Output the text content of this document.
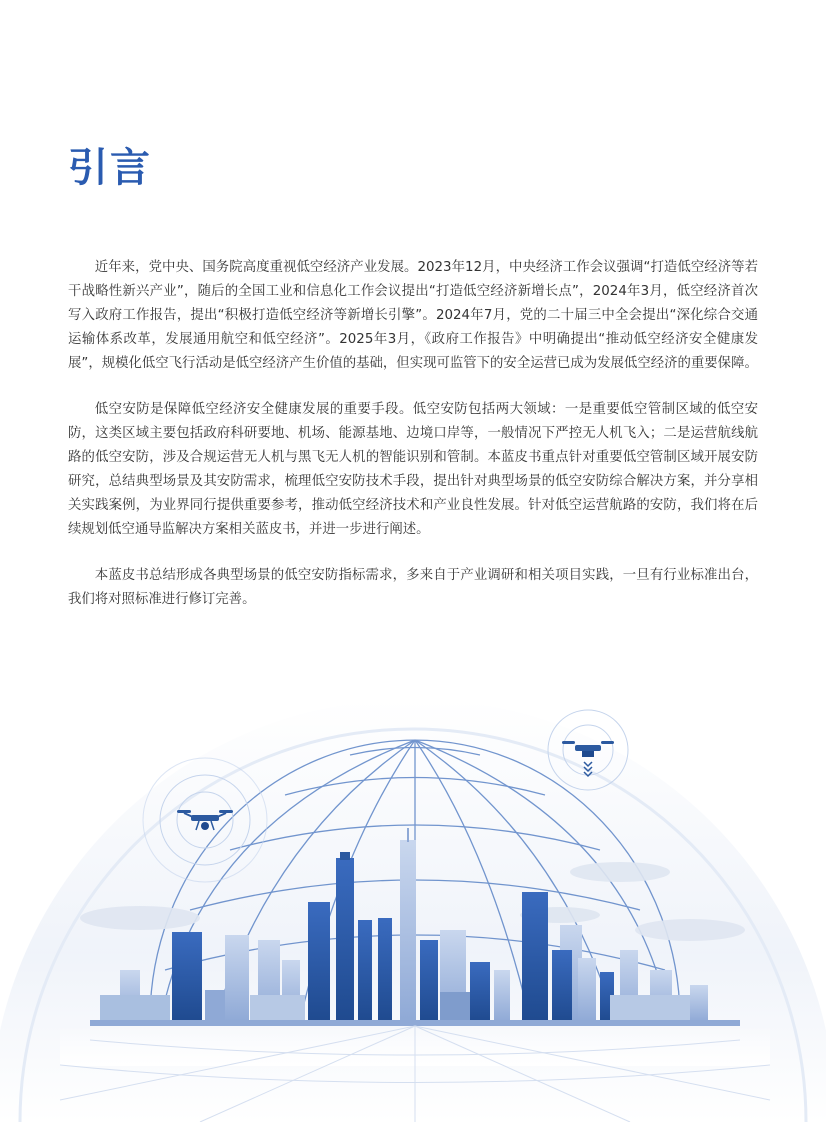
引言

近年来，党中央、国务院高度重视低空经济产业发展。2023年12月，中央经济工作会议强调“打造低空经济等若干战略性新兴产业”，随后的全国工业和信息化工作会议提出“打造低空经济新增长点”，2024年3月，低空经济首次写入政府工作报告，提出“积极打造低空经济等新增长引擎”。2024年7月，党的二十届三中全会提出“深化综合交通运输体系改革，发展通用航空和低空经济”。2025年3月，《政府工作报告》中明确提出“推动低空经济安全健康发展”，规模化低空飞行活动是低空经济产生价值的基础，但实现可监管下的安全运营已成为发展低空经济的重要保障。

低空安防是保障低空经济安全健康发展的重要手段。低空安防包括两大领域：一是重要低空管制区域的低空安防，这类区域主要包括政府科研要地、机场、能源基地、边境口岸等，一般情况下严控无人机飞入；二是运营航线航路的低空安防，涉及合规运营无人机与黑飞无人机的智能识别和管制。本蓝皮书重点针对重要低空管制区域开展安防研究，总结典型场景及其安防需求，梳理低空安防技术手段，提出针对典型场景的低空安防综合解决方案，并分享相关实践案例，为业界同行提供重要参考，推动低空经济技术和产业良性发展。针对低空运营航路的安防，我们将在后续规划低空通导监解决方案相关蓝皮书，并进一步进行阐述。

本蓝皮书总结形成各典型场景的低空安防指标需求，多来自于产业调研和相关项目实践，一旦有行业标准出台，我们将对照标准进行修订完善。
